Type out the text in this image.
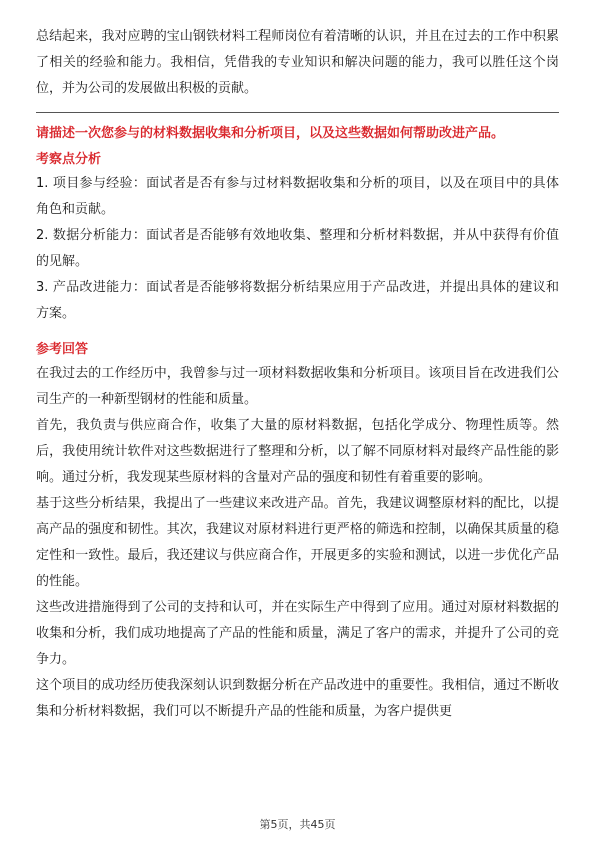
总结起来，我对应聘的宝山钢铁材料工程师岗位有着清晰的认识，并且在过去的工作中积累了相关的经验和能力。我相信，凭借我的专业知识和解决问题的能力，我可以胜任这个岗位，并为公司的发展做出积极的贡献。

请描述一次您参与的材料数据收集和分析项目，以及这些数据如何帮助改进产品。

考察点分析

1. 项目参与经验：面试者是否有参与过材料数据收集和分析的项目，以及在项目中的具体角色和贡献。

2. 数据分析能力：面试者是否能够有效地收集、整理和分析材料数据，并从中获得有价值的见解。

3. 产品改进能力：面试者是否能够将数据分析结果应用于产品改进，并提出具体的建议和方案。

参考回答

在我过去的工作经历中，我曾参与过一项材料数据收集和分析项目。该项目旨在改进我们公司生产的一种新型钢材的性能和质量。

首先，我负责与供应商合作，收集了大量的原材料数据，包括化学成分、物理性质等。然后，我使用统计软件对这些数据进行了整理和分析，以了解不同原材料对最终产品性能的影响。通过分析，我发现某些原材料的含量对产品的强度和韧性有着重要的影响。

基于这些分析结果，我提出了一些建议来改进产品。首先，我建议调整原材料的配比，以提高产品的强度和韧性。其次，我建议对原材料进行更严格的筛选和控制，以确保其质量的稳定性和一致性。最后，我还建议与供应商合作，开展更多的实验和测试，以进一步优化产品的性能。

这些改进措施得到了公司的支持和认可，并在实际生产中得到了应用。通过对原材料数据的收集和分析，我们成功地提高了产品的性能和质量，满足了客户的需求，并提升了公司的竞争力。

这个项目的成功经历使我深刻认识到数据分析在产品改进中的重要性。我相信，通过不断收集和分析材料数据，我们可以不断提升产品的性能和质量，为客户提供更

第5页，共45页
